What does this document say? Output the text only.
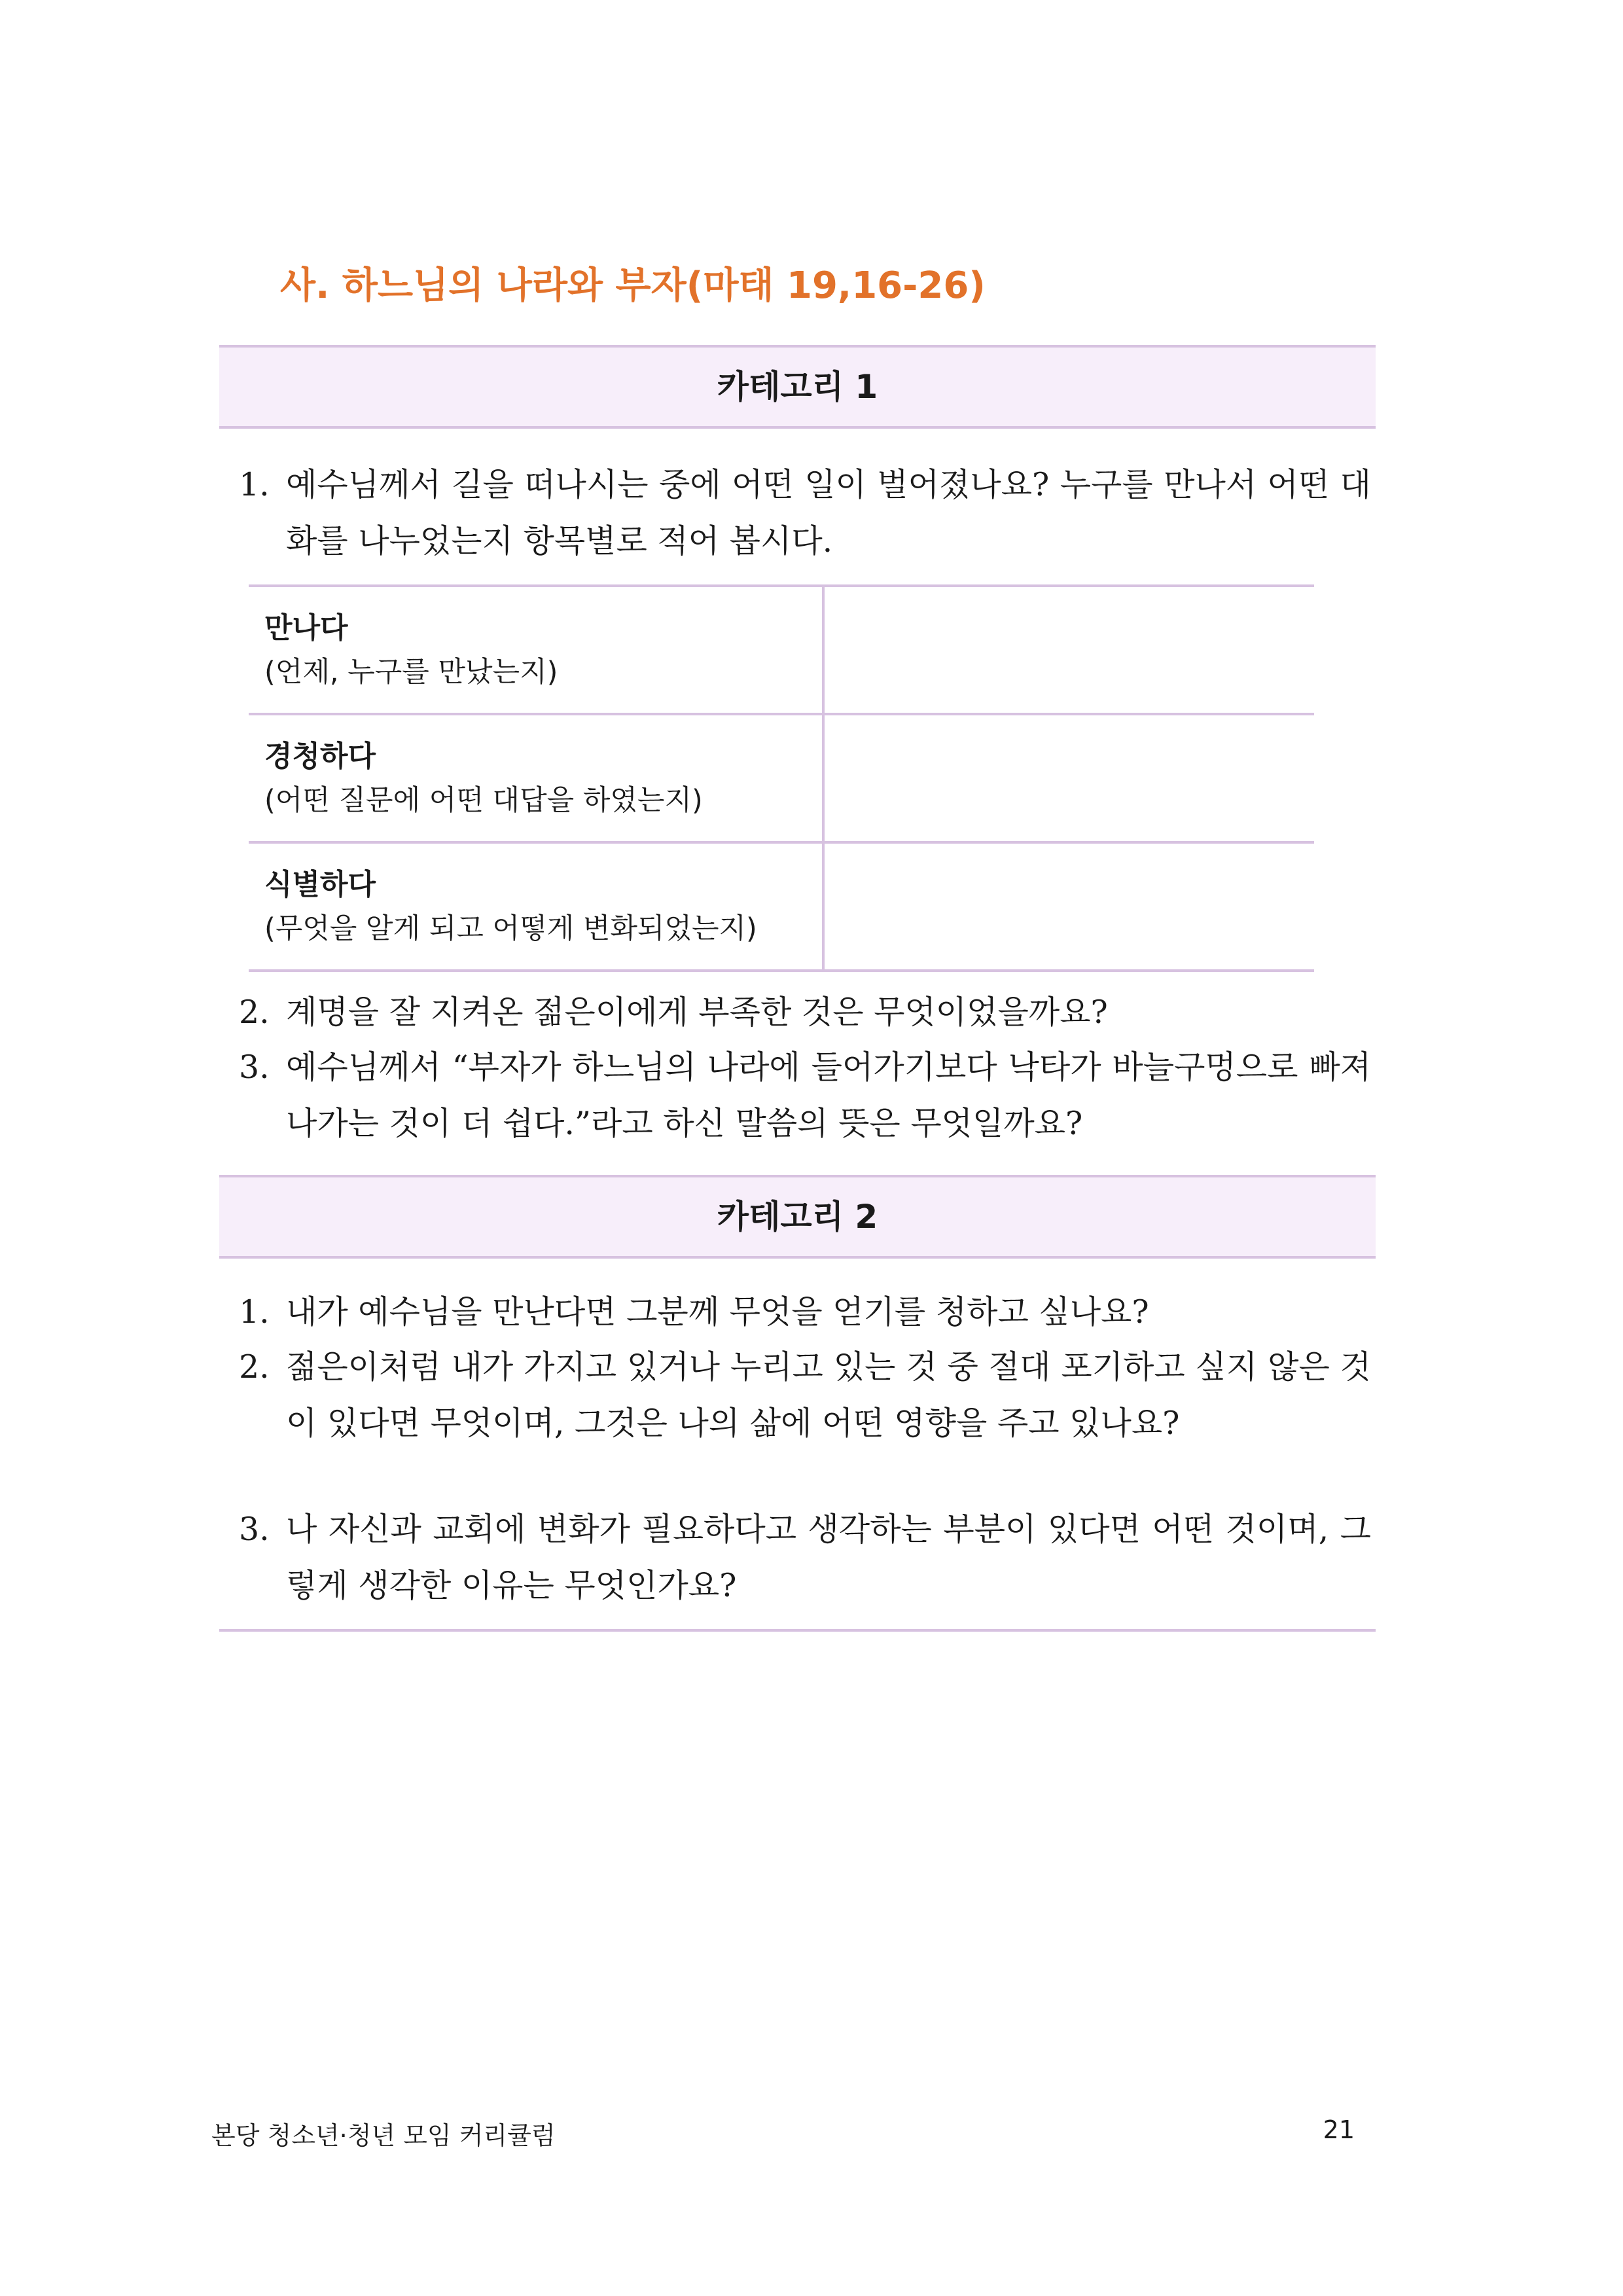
사. 하느님의 나라와 부자(마태 19,16-26)
카테고리 1

1. 예수님께서 길을 떠나시는 중에 어떤 일이 벌어졌나요? 누구를 만나서 어떤 대화를 나누었는지 항목별로 적어 봅시다.

만나다
(언제, 누구를 만났는지)
경청하다
(어떤 질문에 어떤 대답을 하였는지)
식별하다
(무엇을 알게 되고 어떻게 변화되었는지)

2. 계명을 잘 지켜온 젊은이에게 부족한 것은 무엇이었을까요?

3. 예수님께서 “부자가 하느님의 나라에 들어가기보다 낙타가 바늘구멍으로 빠져나가는 것이 더 쉽다.”라고 하신 말씀의 뜻은 무엇일까요?

카테고리 2

1. 내가 예수님을 만난다면 그분께 무엇을 얻기를 청하고 싶나요?

2. 젊은이처럼 내가 가지고 있거나 누리고 있는 것 중 절대 포기하고 싶지 않은 것이 있다면 무엇이며, 그것은 나의 삶에 어떤 영향을 주고 있나요?

3. 나 자신과 교회에 변화가 필요하다고 생각하는 부분이 있다면 어떤 것이며, 그렇게 생각한 이유는 무엇인가요?

본당 청소년·청년 모임 커리큘럼	21
